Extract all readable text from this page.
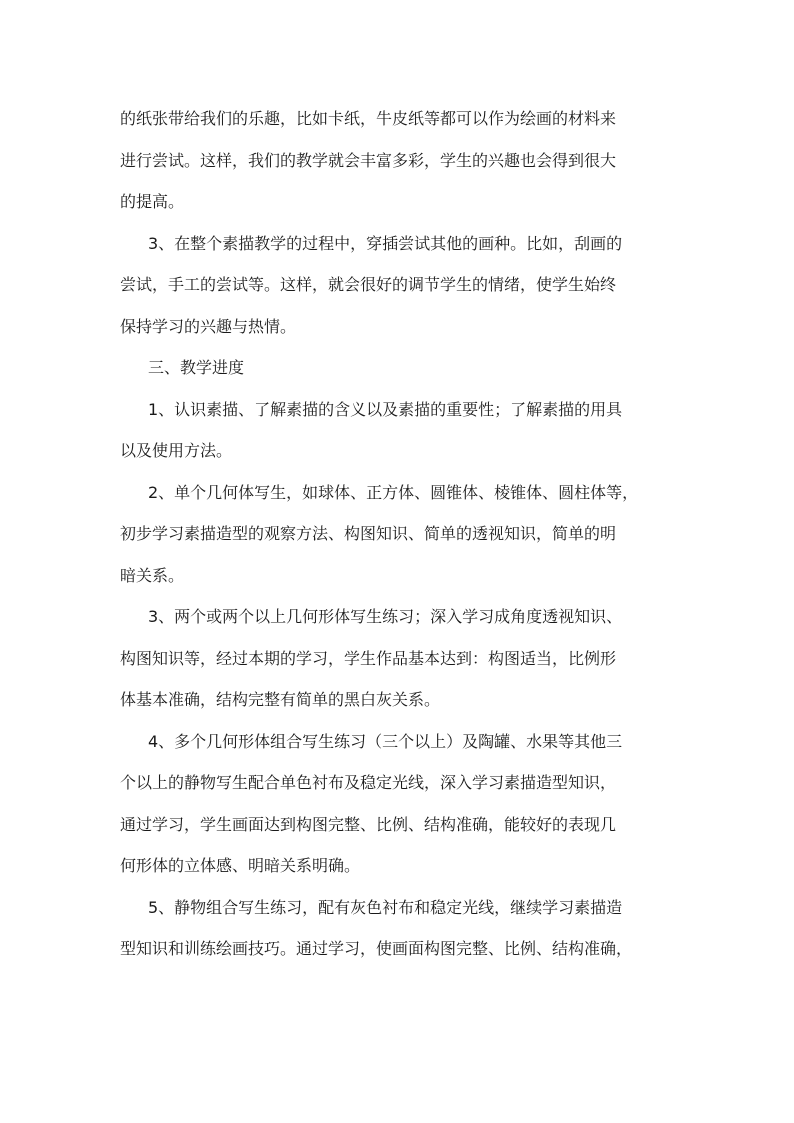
的纸张带给我们的乐趣，比如卡纸，牛皮纸等都可以作为绘画的材料来
进行尝试。这样，我们的教学就会丰富多彩，学生的兴趣也会得到很大
的提高。
3、在整个素描教学的过程中，穿插尝试其他的画种。比如，刮画的
尝试，手工的尝试等。这样，就会很好的调节学生的情绪，使学生始终
保持学习的兴趣与热情。
三、教学进度
1、认识素描、了解素描的含义以及素描的重要性；了解素描的用具
以及使用方法。
2、单个几何体写生，如球体、正方体、圆锥体、棱锥体、圆柱体等，
初步学习素描造型的观察方法、构图知识、简单的透视知识，简单的明
暗关系。
3、两个或两个以上几何形体写生练习；深入学习成角度透视知识、
构图知识等，经过本期的学习，学生作品基本达到：构图适当，比例形
体基本准确，结构完整有简单的黑白灰关系。
4、多个几何形体组合写生练习（三个以上）及陶罐、水果等其他三
个以上的静物写生配合单色衬布及稳定光线，深入学习素描造型知识，
通过学习，学生画面达到构图完整、比例、结构准确，能较好的表现几
何形体的立体感、明暗关系明确。
5、静物组合写生练习，配有灰色衬布和稳定光线，继续学习素描造
型知识和训练绘画技巧。通过学习，使画面构图完整、比例、结构准确，
